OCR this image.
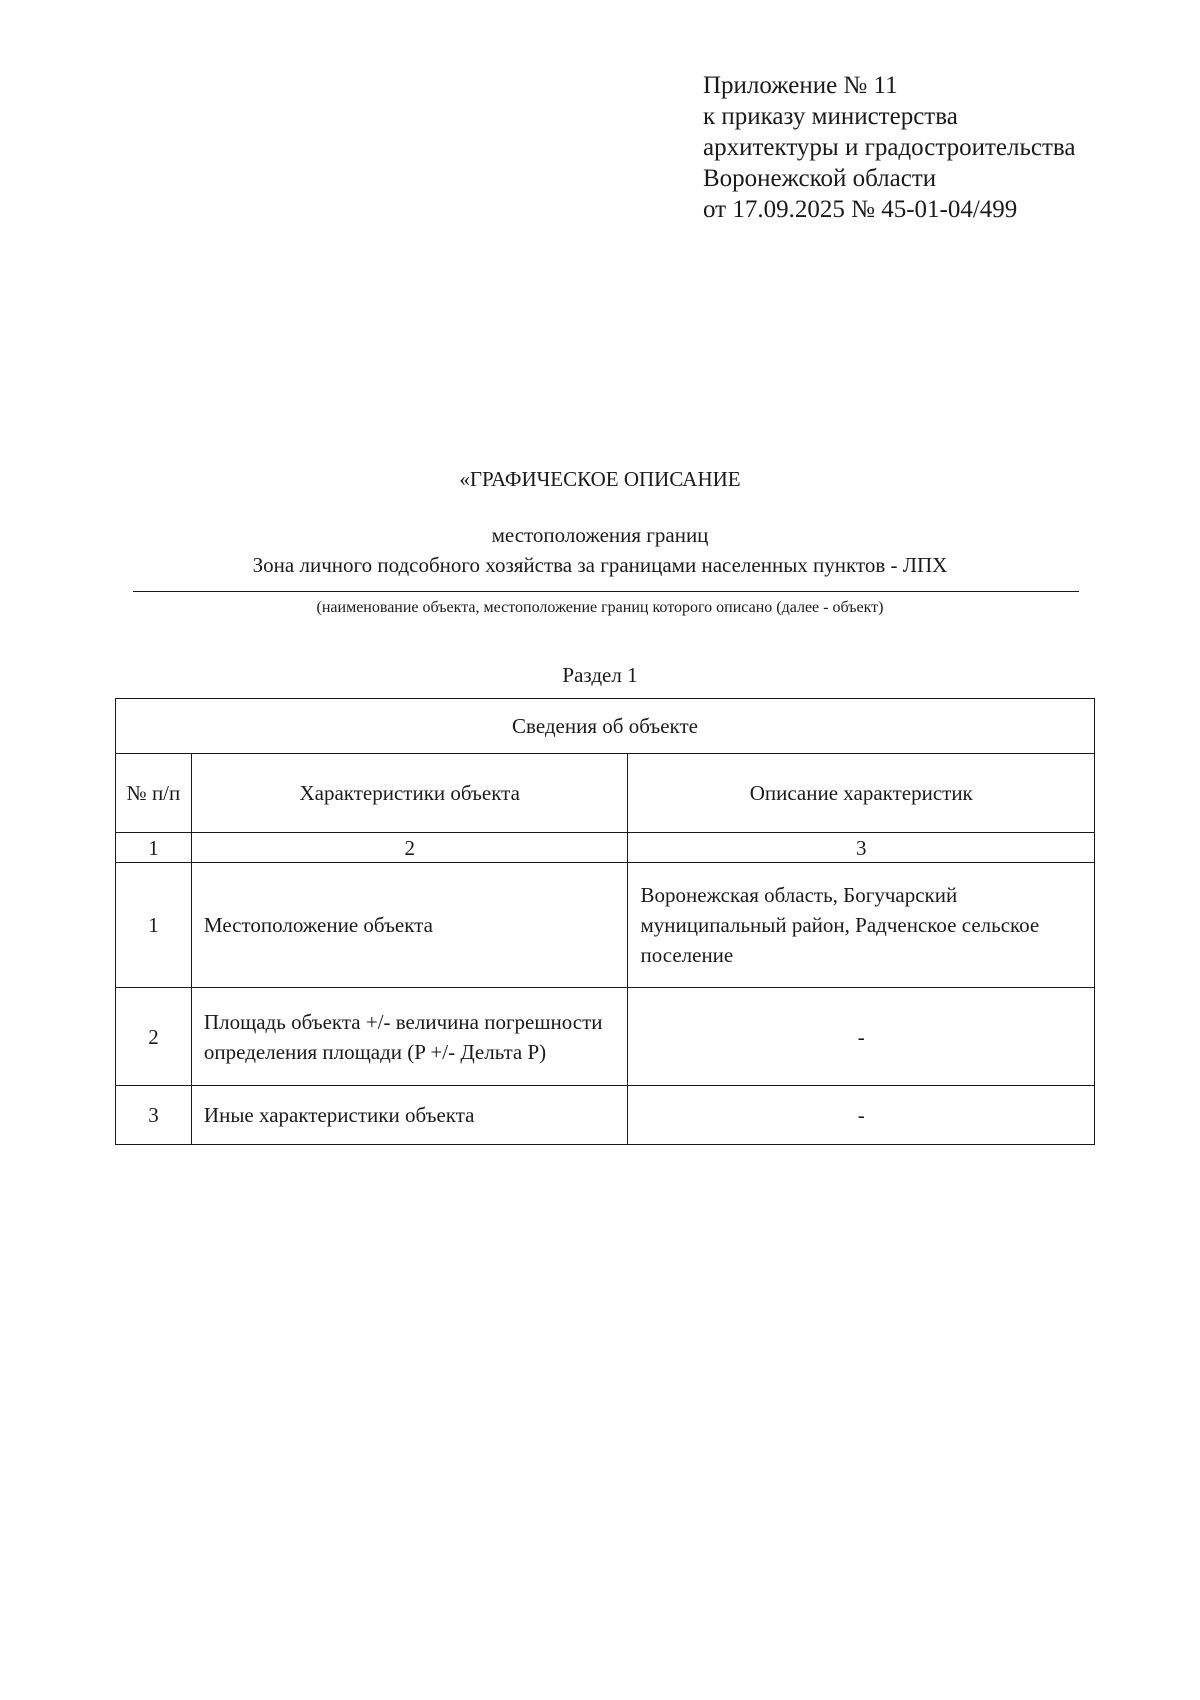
Приложение № 11
к приказу министерства
архитектуры и градостроительства
Воронежской области
от 17.09.2025 № 45-01-04/499
«ГРАФИЧЕСКОЕ ОПИСАНИЕ
местоположения границ
Зона личного подсобного хозяйства за границами населенных пунктов - ЛПХ
(наименование объекта, местоположение границ которого описано (далее - объект)
Раздел 1
Сведения об объекте		
№ п/п	Характеристики объекта	Описание характеристик
1	2	3
1	Местоположение объекта	Воронежская область, Богучарский муниципальный район, Радченское сельское поселение
2	Площадь объекта +/- величина погрешности определения площади (P +/- Дельта P)	-
3	Иные характеристики объекта	-
